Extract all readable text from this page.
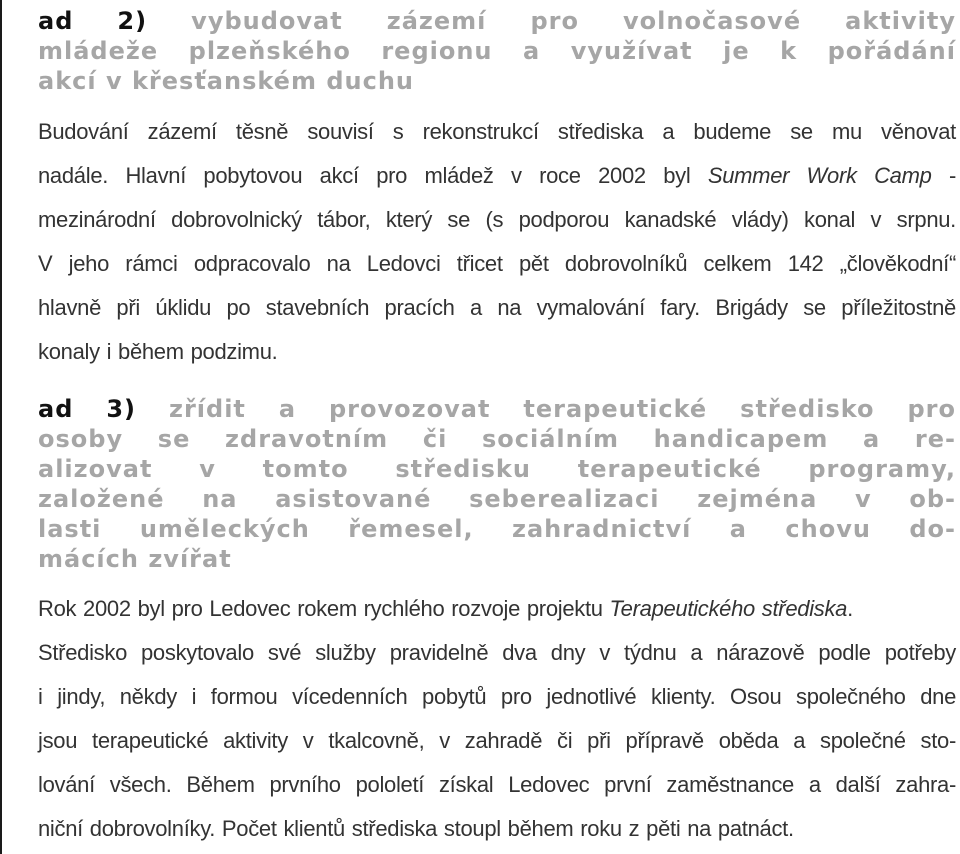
ad 2) vybudovat zázemí pro volnočasové aktivity
mládeže plzeňského regionu a využívat je k pořádání
akcí v křesťanském duchu
Budování zázemí těsně souvisí s rekonstrukcí střediska a budeme se mu věnovat
nadále. Hlavní pobytovou akcí pro mládež v roce 2002 byl Summer Work Camp -
mezinárodní dobrovolnický tábor, který se (s podporou kanadské vlády) konal v srpnu.
V jeho rámci odpracovalo na Ledovci třicet pět dobrovolníků celkem 142 „člověkodní“
hlavně při úklidu po stavebních pracích a na vymalování fary. Brigády se příležitostně
konaly i během podzimu.
ad 3) zřídit a provozovat terapeutické středisko pro
osoby se zdravotním či sociálním handicapem a re-
alizovat v tomto středisku terapeutické programy,
založené na asistované seberealizaci zejména v ob-
lasti uměleckých řemesel, zahradnictví a chovu do-
mácích zvířat
Rok 2002 byl pro Ledovec rokem rychlého rozvoje projektu Terapeutického střediska.
Středisko poskytovalo své služby pravidelně dva dny v týdnu a nárazově podle potřeby
i jindy, někdy i formou vícedenních pobytů pro jednotlivé klienty. Osou společného dne
jsou terapeutické aktivity v tkalcovně, v zahradě či při přípravě oběda a společné sto-
lování všech. Během prvního pololetí získal Ledovec první zaměstnance a další zahra-
niční dobrovolníky. Počet klientů střediska stoupl během roku z pěti na patnáct.
